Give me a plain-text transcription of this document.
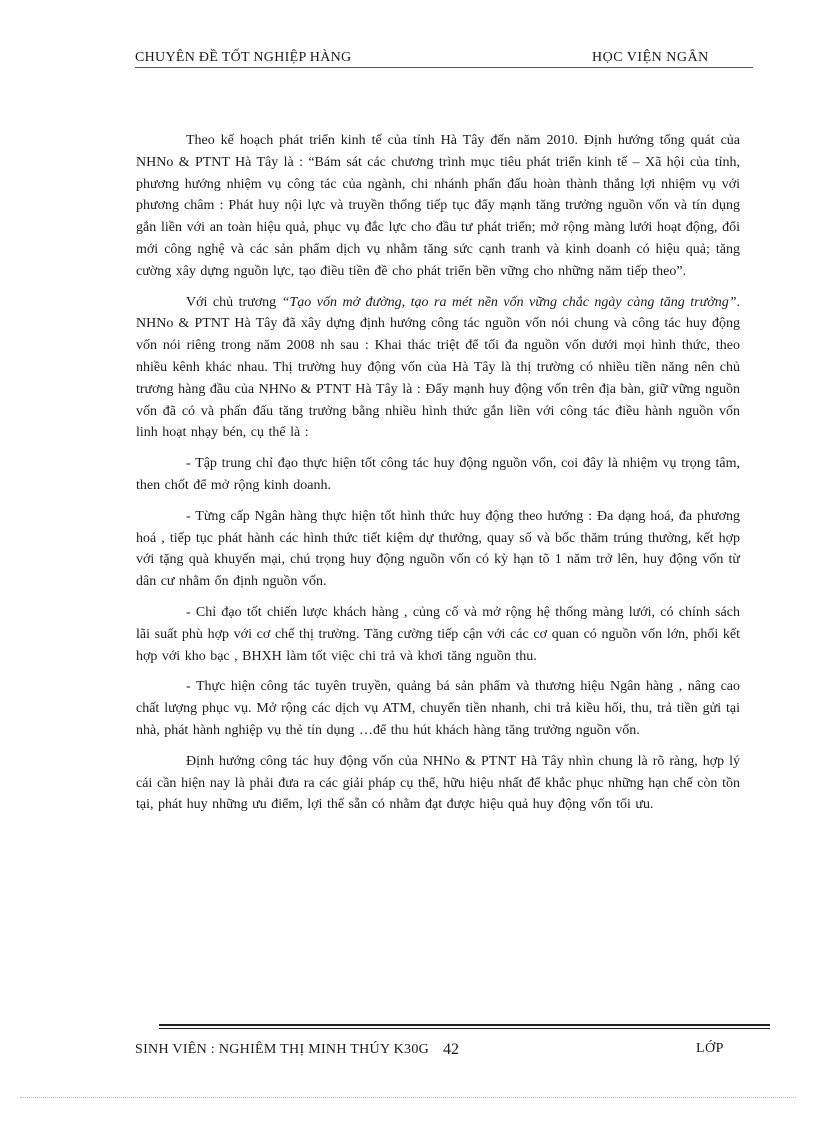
CHUYÊN ĐỀ TỐT NGHIỆP HÀNG	HỌC VIỆN NGÂN

Theo kế hoạch phát triển kinh tế của tỉnh Hà Tây đến năm 2010. Định hướng tổng quát của NHNo & PTNT Hà Tây là : “Bám sát các chương trình mục tiêu phát triển kinh tế – Xã hội của tỉnh, phương hướng nhiệm vụ công tác của ngành, chi nhánh phấn đấu hoàn thành thắng lợi nhiệm vụ với phương châm : Phát huy nội lực và truyền thống tiếp tục đẩy mạnh tăng trưởng nguồn vốn và tín dụng gắn liền với an toàn hiệu quả, phục vụ đắc lực cho đầu tư phát triển; mở rộng màng lưới hoạt động, đổi mới công nghệ và các sản phẩm dịch vụ nhằm tăng sức cạnh tranh và kinh doanh có hiệu quả; tăng cường xây dựng nguồn lực, tạo điều tiền đề cho phát triển bền vững cho những năm tiếp theo”.

Với chủ trương “Tạo vốn mở đường, tạo ra mét nền vốn vững chắc ngày càng tăng trưởng”. NHNo & PTNT Hà Tây đã xây dựng định hướng công tác nguồn vốn nói chung và công tác huy động vốn nói riêng trong năm 2008 nh sau : Khai thác triệt để tối đa nguồn vốn dưới mọi hình thức, theo nhiều kênh khác nhau. Thị trường huy động vốn của Hà Tây là thị trường có nhiều tiền năng nên chủ trương hàng đầu của NHNo & PTNT Hà Tây là : Đẩy mạnh huy động vốn trên địa bàn, giữ vững nguồn vốn đã có và phấn đấu tăng trưởng bằng nhiều hình thức gắn liền với công tác điều hành nguồn vốn linh hoạt nhạy bén, cụ thể là :

- Tập trung chỉ đạo thực hiện tốt công tác huy động nguồn vốn, coi đây là nhiệm vụ trọng tâm, then chốt để mở rộng kinh doanh.

- Từng cấp Ngân hàng thực hiện tốt hình thức huy động theo hướng : Đa dạng hoá, đa phương hoá , tiếp tục phát hành các hình thức tiết kiệm dự thưởng, quay số và bốc thăm trúng thưởng, kết hợp với tặng quà khuyến mại, chú trọng huy động nguồn vốn có kỳ hạn tõ 1 năm trở lên, huy động vốn từ dân cư nhằm ổn định nguồn vốn.

- Chỉ đạo tốt chiến lược khách hàng , củng cố và mở rộng hệ thống màng lưới, có chính sách lãi suất phù hợp với cơ chế thị trường. Tăng cường tiếp cận với các cơ quan có nguồn vốn lớn, phối kết hợp với kho bạc , BHXH làm tốt việc chi trả và khơi tăng nguồn thu.

- Thực hiện công tác tuyên truyền, quảng bá sản phẩm và thương hiệu Ngân hàng , nâng cao chất lượng phục vụ. Mở rộng các dịch vụ ATM, chuyển tiền nhanh, chi trả kiều hối, thu, trả tiền gửi tại nhà, phát hành nghiệp vụ thẻ tín dụng …để thu hút khách hàng tăng trưởng nguồn vốn.

Định hướng công tác huy động vốn của NHNo & PTNT Hà Tây nhìn chung là rõ ràng, hợp lý cái cần hiện nay là phải đưa ra các giải pháp cụ thể, hữu hiệu nhất để khắc phục những hạn chế còn tồn tại, phát huy những ưu điểm, lợi thế sẵn có nhằm đạt được hiệu quả huy động vốn tối ưu.

SINH VIÊN : NGHIÊM THỊ MINH THÚY K30G 42	LỚP
